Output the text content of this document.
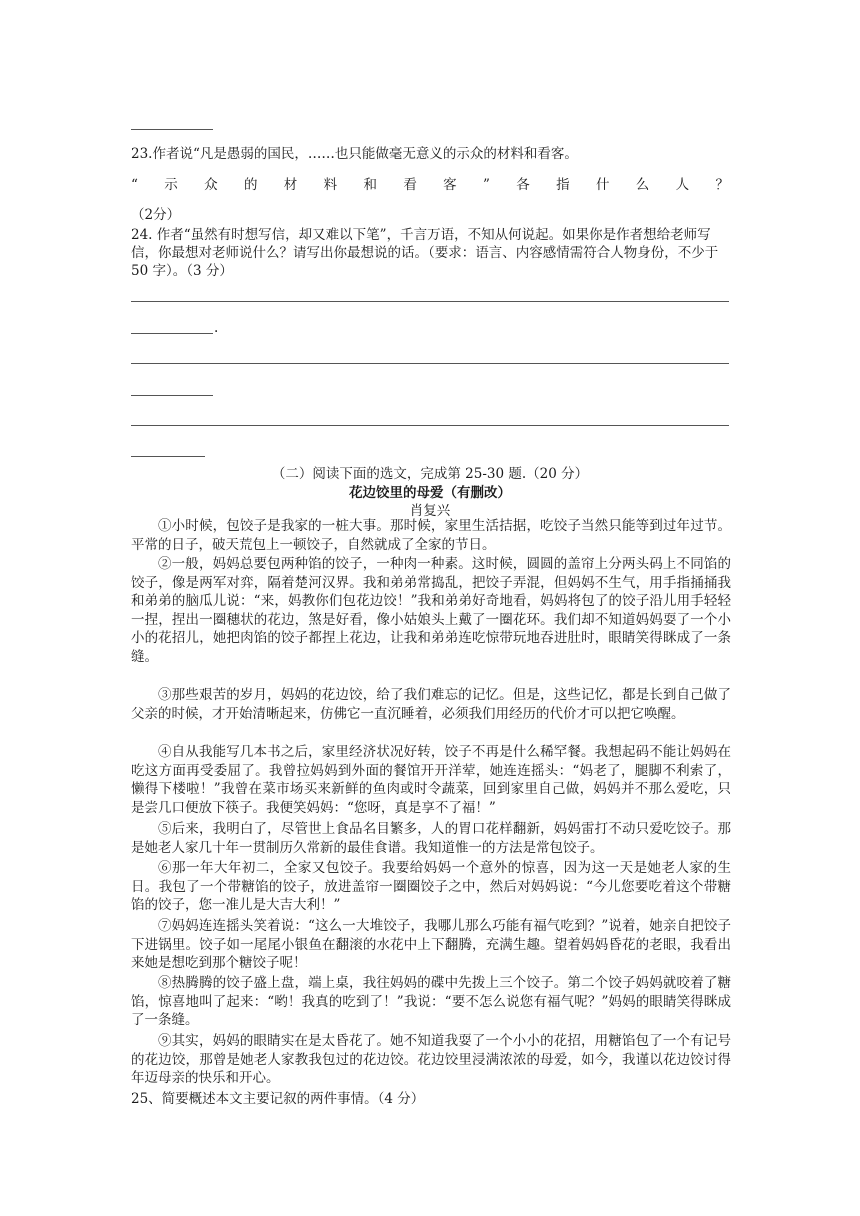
23.作者说“凡是愚弱的国民，……也只能做毫无意义的示众的材料和看客。
“ 示 众 的 材 料 和 看 客 ” 各 指 什 么 人 ？
（2分）
24. 作者“虽然有时想写信，却又难以下笔”，千言万语，不知从何说起。如果你是作者想给老师写信，你最想对老师说什么？请写出你最想说的话。（要求：语言、内容感情需符合人物身份，不少于 50 字）。（3 分）
.
（二）阅读下面的选文，完成第 25-30 题.（20 分）
花边饺里的母爱（有删改）
肖复兴
①小时候，包饺子是我家的一桩大事。那时候，家里生活拮据，吃饺子当然只能等到过年过节。平常的日子，破天荒包上一顿饺子，自然就成了全家的节日。
②一般，妈妈总要包两种馅的饺子，一种肉一种素。这时候，圆圆的盖帘上分两头码上不同馅的饺子，像是两军对弈，隔着楚河汉界。我和弟弟常捣乱，把饺子弄混，但妈妈不生气，用手指捅捅我和弟弟的脑瓜儿说：“来，妈教你们包花边饺！”我和弟弟好奇地看，妈妈将包了的饺子沿儿用手轻轻一捏，捏出一圈穗状的花边，煞是好看，像小姑娘头上戴了一圈花环。我们却不知道妈妈耍了一个小小的花招儿，她把肉馅的饺子都捏上花边，让我和弟弟连吃惊带玩地吞进肚时，眼睛笑得眯成了一条缝。
③那些艰苦的岁月，妈妈的花边饺，给了我们难忘的记忆。但是，这些记忆，都是长到自己做了父亲的时候，才开始清晰起来，仿佛它一直沉睡着，必须我们用经历的代价才可以把它唤醒。
④自从我能写几本书之后，家里经济状况好转，饺子不再是什么稀罕餐。我想起码不能让妈妈在吃这方面再受委屈了。我曾拉妈妈到外面的餐馆开开洋荤，她连连摇头：“妈老了，腿脚不利索了，懒得下楼啦！”我曾在菜市场买来新鲜的鱼肉或时令蔬菜，回到家里自己做，妈妈并不那么爱吃，只是尝几口便放下筷子。我便笑妈妈：“您呀，真是享不了福！”
⑤后来，我明白了，尽管世上食品名目繁多，人的胃口花样翻新，妈妈雷打不动只爱吃饺子。那是她老人家几十年一贯制历久常新的最佳食谱。我知道惟一的方法是常包饺子。
⑥那一年大年初二，全家又包饺子。我要给妈妈一个意外的惊喜，因为这一天是她老人家的生日。我包了一个带糖馅的饺子，放进盖帘一圈圈饺子之中，然后对妈妈说：“今儿您要吃着这个带糖馅的饺子，您一准儿是大吉大利！”
⑦妈妈连连摇头笑着说：“这么一大堆饺子，我哪儿那么巧能有福气吃到？”说着，她亲自把饺子下进锅里。饺子如一尾尾小银鱼在翻滚的水花中上下翻腾，充满生趣。望着妈妈昏花的老眼，我看出来她是想吃到那个糖饺子呢！
⑧热腾腾的饺子盛上盘，端上桌，我往妈妈的碟中先拨上三个饺子。第二个饺子妈妈就咬着了糖馅，惊喜地叫了起来：“哟！我真的吃到了！”我说：“要不怎么说您有福气呢？”妈妈的眼睛笑得眯成了一条缝。
⑨其实，妈妈的眼睛实在是太昏花了。她不知道我耍了一个小小的花招，用糖馅包了一个有记号的花边饺，那曾是她老人家教我包过的花边饺。花边饺里浸满浓浓的母爱，如今，我谨以花边饺讨得年迈母亲的快乐和开心。
25、简要概述本文主要记叙的两件事情。（4 分）
